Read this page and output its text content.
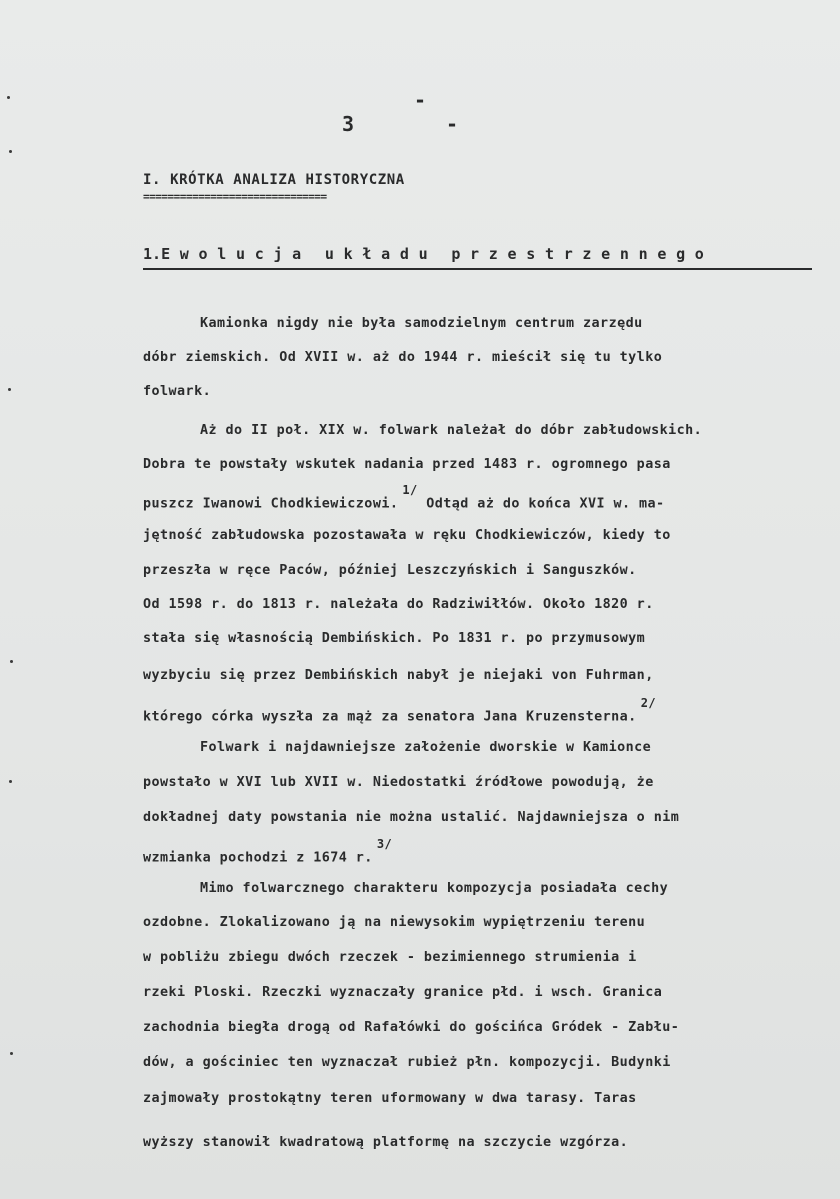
- 3 -
I. KRÓTKA ANALIZA HISTORYCZNA
==============================
1.Ewolucja układu przestrzennego
Kamionka nigdy nie była samodzielnym centrum zarzędu
dóbr ziemskich. Od XVII w. aż do 1944 r. mieścił się tu tylko
folwark.
Aż do II poł. XIX w. folwark należał do dóbr zabłudowskich.
Dobra te powstały wskutek nadania przed 1483 r. ogromnego pasa
puszcz Iwanowi Chodkiewiczowi.$^{1/}$ Odtąd aż do końca XVI w. ma-
jętność zabłudowska pozostawała w ręku Chodkiewiczów, kiedy to
przeszła w ręce Paców, później Leszczyńskich i Sanguszków.
Od 1598 r. do 1813 r. należała do Radziwiłłów. Około 1820 r.
stała się własnością Dembińskich. Po 1831 r. po przymusowym
wyzbyciu się przez Dembińskich nabył je niejaki von Fuhrman,
którego córka wyszła za mąż za senatora Jana Kruzensterna.$^{2/}$
Folwark i najdawniejsze założenie dworskie w Kamionce
powstało w XVI lub XVII w. Niedostatki źródłowe powodują, że
dokładnej daty powstania nie można ustalić. Najdawniejsza o nim
wzmianka pochodzi z 1674 r.$^{3/}$
Mimo folwarcznego charakteru kompozycja posiadała cechy
ozdobne. Zlokalizowano ją na niewysokim wypiętrzeniu terenu
w pobliżu zbiegu dwóch rzeczek - bezimiennego strumienia i
rzeki Ploski. Rzeczki wyznaczały granice płd. i wsch. Granica
zachodnia biegła drogą od Rafałówki do gościńca Gródek - Zabłu-
dów, a gościniec ten wyznaczał rubież płn. kompozycji. Budynki
zajmowały prostokątny teren uformowany w dwa tarasy. Taras
wyższy stanowił kwadratową platformę na szczycie wzgórza.
